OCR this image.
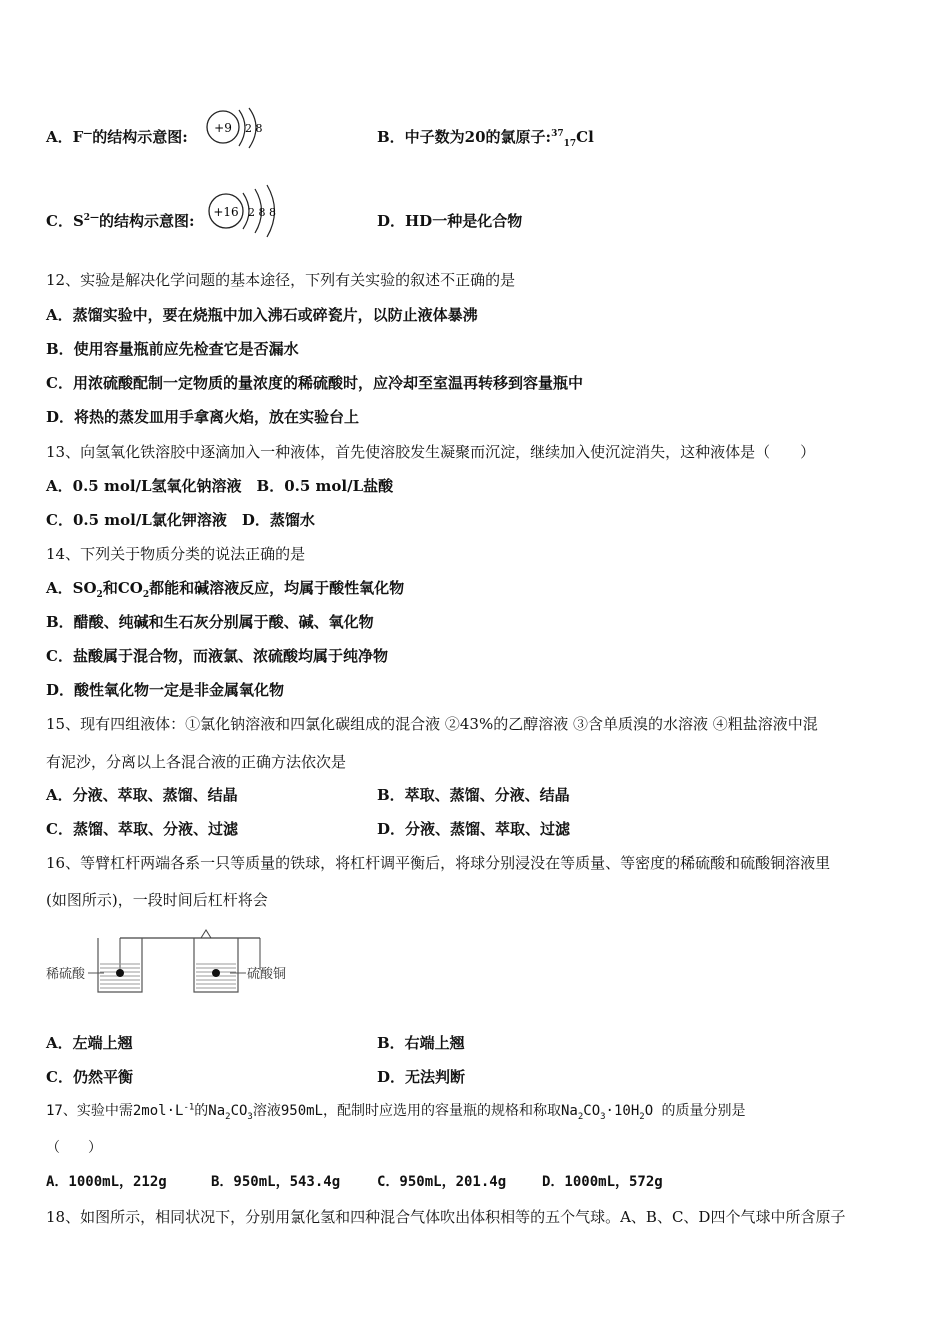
A．F—的结构示意图: +9 2 8	B．中子数为20的氯原子:$^{37}_{17}$Cl
C．$S^{2—}$的结构示意图: +16 2 8 8	D．HD一种是化合物
12、实验是解决化学问题的基本途径，下列有关实验的叙述不正确的是
A．蒸馏实验中，要在烧瓶中加入沸石或碎瓷片，以防止液体暴沸
B．使用容量瓶前应先检查它是否漏水
C．用浓硫酸配制一定物质的量浓度的稀硫酸时，应冷却至室温再转移到容量瓶中
D．将热的蒸发皿用手拿离火焰，放在实验台上
13、向氢氧化铁溶胶中逐滴加入一种液体，首先使溶胶发生凝聚而沉淀，继续加入使沉淀消失，这种液体是（　　）
A．0.5 mol/L氢氧化钠溶液　B．0.5 mol/L盐酸
C．0.5 mol/L氯化钾溶液　D．蒸馏水
14、下列关于物质分类的说法正确的是
A．$SO_2$和$CO_2$都能和碱溶液反应，均属于酸性氧化物
B．醋酸、纯碱和生石灰分别属于酸、碱、氧化物
C．盐酸属于混合物，而液氯、浓硫酸均属于纯净物
D．酸性氧化物一定是非金属氧化物
15、现有四组液体：①氯化钠溶液和四氯化碳组成的混合液 ②43%的乙醇溶液 ③含单质溴的水溶液 ④粗盐溶液中混
有泥沙，分离以上各混合液的正确方法依次是
A．分液、萃取、蒸馏、结晶	B．萃取、蒸馏、分液、结晶
C．蒸馏、萃取、分液、过滤	D．分液、蒸馏、萃取、过滤
16、等臂杠杆两端各系一只等质量的铁球，将杠杆调平衡后，将球分别浸没在等质量、等密度的稀硫酸和硫酸铜溶液里
(如图所示)，一段时间后杠杆将会
稀硫酸	硫酸铜
A．左端上翘	B．右端上翘
C．仍然平衡	D．无法判断
17、实验中需$2mol\cdot L^{-1}$的$Na_2CO_3$溶液950mL，配制时应选用的容量瓶的规格和称取$Na_2CO_3\cdot 10H_2O$ 的质量分别是
（　　）
A．1000mL，212g	B．950mL，543.4g	C．950mL，201.4g	D．1000mL，572g
18、如图所示，相同状况下，分别用氯化氢和四种混合气体吹出体积相等的五个气球。A、B、C、D四个气球中所含原子
